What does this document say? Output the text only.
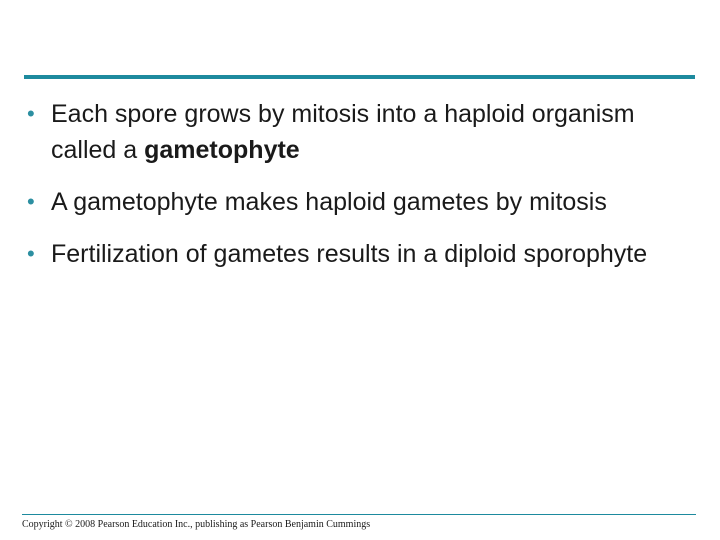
• Each spore grows by mitosis into a haploid organism called a gametophyte
• A gametophyte makes haploid gametes by mitosis
• Fertilization of gametes results in a diploid sporophyte
Copyright © 2008 Pearson Education Inc., publishing as Pearson Benjamin Cummings
